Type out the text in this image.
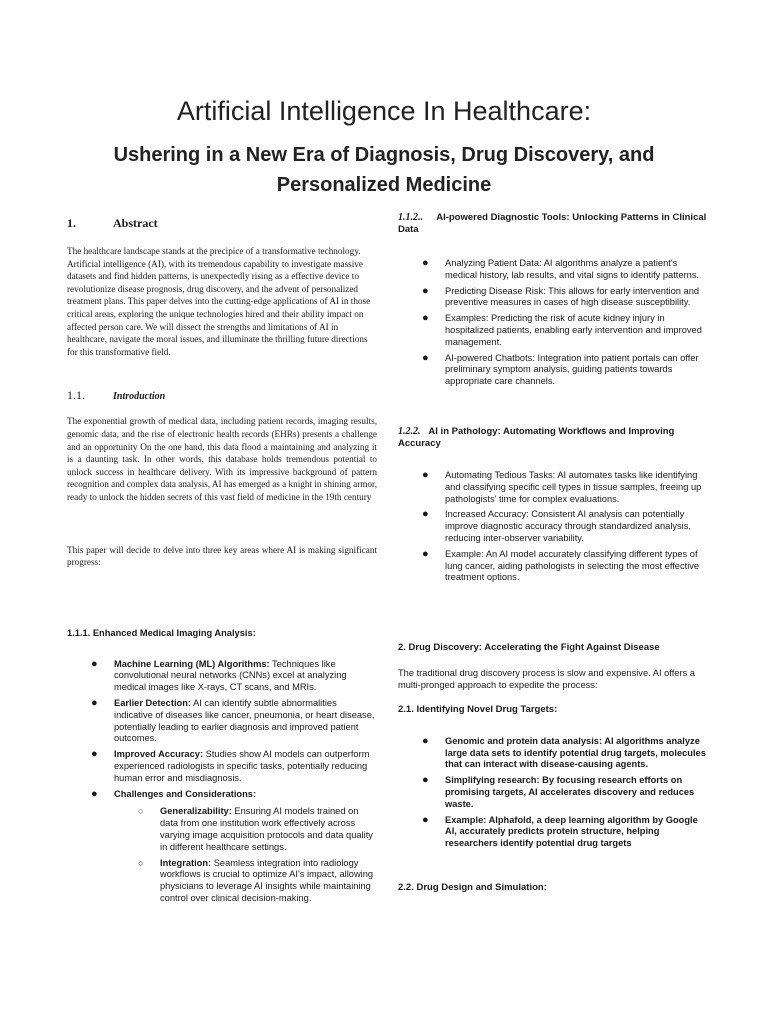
Artificial Intelligence In Healthcare:
Ushering in a New Era of Diagnosis, Drug Discovery, and Personalized Medicine
1.	Abstract

The healthcare landscape stands at the precipice of a transformative technology. Artificial intelligence (AI), with its tremendous capability to investigate massive datasets and find hidden patterns, is unexpectedly rising as a effective device to revolutionize disease prognosis, drug discovery, and the advent of personalized treatment plans. This paper delves into the cutting-edge applications of AI in those critical areas, exploring the unique technologies hired and their ability impact on affected person care. We will dissect the strengths and limitations of AI in healthcare, navigate the moral issues, and illuminate the thrilling future directions for this transformative field.

1.1.	Introduction

The exponential growth of medical data, including patient records, imaging results, genomic data, and the rise of electronic health records (EHRs) presents a challenge and an opportunity On the one hand, this data flood a maintaining and analyzing it is a daunting task. In other words, this database holds tremendous potential to unlock success in healthcare delivery. With its impressive background of pattern recognition and complex data analysis, AI has emerged as a knight in shining armor, ready to unlock the hidden secrets of this vast field of medicine in the 19th century

This paper will decide to delve into three key areas where AI is making significant progress:

1.1.1. Enhanced Medical Imaging Analysis:

● Machine Learning (ML) Algorithms: Techniques like convolutional neural networks (CNNs) excel at analyzing medical images like X-rays, CT scans, and MRIs.
● Earlier Detection: AI can identify subtle abnormalities indicative of diseases like cancer, pneumonia, or heart disease, potentially leading to earlier diagnosis and improved patient outcomes.
● Improved Accuracy: Studies show AI models can outperform experienced radiologists in specific tasks, potentially reducing human error and misdiagnosis.
● Challenges and Considerations:
○ Generalizability: Ensuring AI models trained on data from one institution work effectively across varying image acquisition protocols and data quality in different healthcare settings.
○ Integration: Seamless integration into radiology workflows is crucial to optimize AI's impact, allowing physicians to leverage AI insights while maintaining control over clinical decision-making.

1.1.2.. AI-powered Diagnostic Tools: Unlocking Patterns in Clinical Data

● Analyzing Patient Data: AI algorithms analyze a patient's medical history, lab results, and vital signs to identify patterns.
● Predicting Disease Risk: This allows for early intervention and preventive measures in cases of high disease susceptibility.
● Examples: Predicting the risk of acute kidney injury in hospitalized patients, enabling early intervention and improved management.
● AI-powered Chatbots: Integration into patient portals can offer preliminary symptom analysis, guiding patients towards appropriate care channels.

1.2.2. AI in Pathology: Automating Workflows and Improving Accuracy

● Automating Tedious Tasks: AI automates tasks like identifying and classifying specific cell types in tissue samples, freeing up pathologists' time for complex evaluations.
● Increased Accuracy: Consistent AI analysis can potentially improve diagnostic accuracy through standardized analysis, reducing inter-observer variability.
● Example: An AI model accurately classifying different types of lung cancer, aiding pathologists in selecting the most effective treatment options.

2. Drug Discovery: Accelerating the Fight Against Disease

The traditional drug discovery process is slow and expensive. AI offers a multi-pronged approach to expedite the process:

2.1. Identifying Novel Drug Targets:

● Genomic and protein data analysis: AI algorithms analyze large data sets to identify potential drug targets, molecules that can interact with disease-causing agents.
● Simplifying research: By focusing research efforts on promising targets, AI accelerates discovery and reduces waste.
● Example: Alphafold, a deep learning algorithm by Google AI, accurately predicts protein structure, helping researchers identify potential drug targets

2.2. Drug Design and Simulation:
